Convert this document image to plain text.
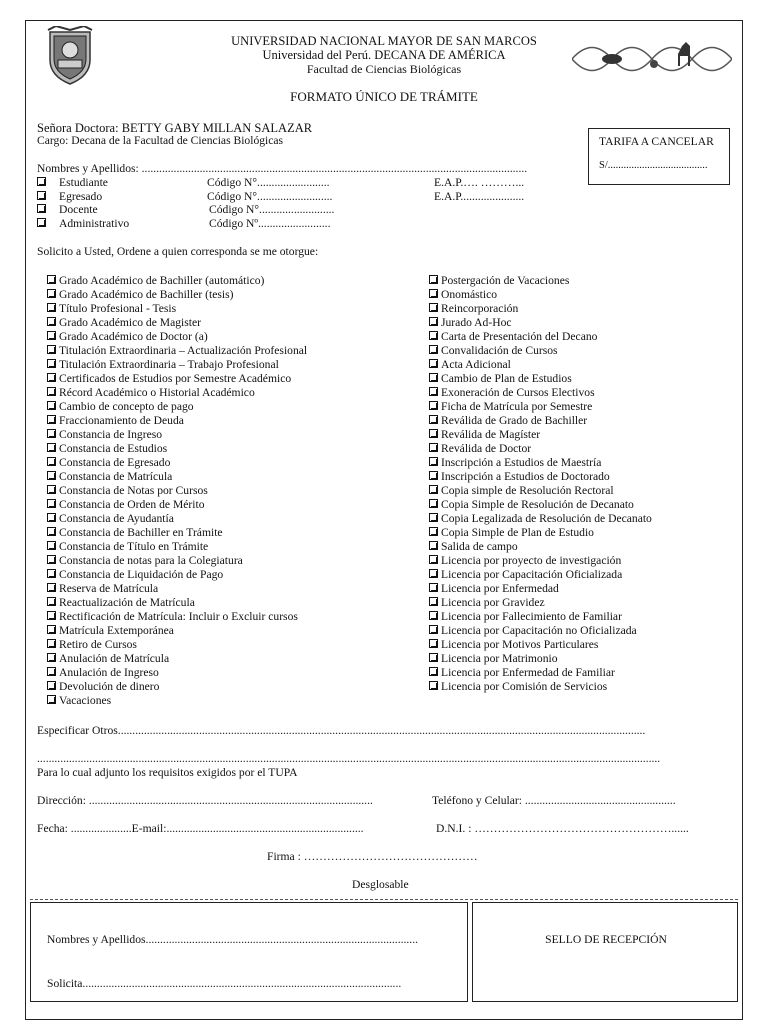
UNIVERSIDAD NACIONAL MAYOR DE SAN MARCOS
Universidad del Perú. DECANA DE AMÉRICA
Facultad de Ciencias Biológicas
FORMATO ÚNICO DE TRÁMITE
Señora Doctora: BETTY GABY MILLAN SALAZAR
Cargo: Decana de la Facultad de Ciencias Biológicas	TARIFA A CANCELAR
S/......................................
Nombres y Apellidos: .....................................................................................................................................
Estudiante	Código N°.........................	E.A.P.…. ………...
Egresado	Código N°..........................	E.A.P......................
Docente	Código N°..........................
Administrativo	Código Nº.........................
Solicito a Usted, Ordene a quien corresponda se me otorgue:
Grado Académico de Bachiller (automático)
Grado Académico de Bachiller (tesis)
Título Profesional - Tesis
Grado Académico de Magister
Grado Académico de Doctor (a)
Titulación Extraordinaria – Actualización Profesional
Titulación Extraordinaria – Trabajo Profesional
Certificados de Estudios por Semestre Académico
Récord Académico o Historial Académico
Cambio de concepto de pago
Fraccionamiento de Deuda
Constancia de Ingreso
Constancia de Estudios
Constancia de Egresado
Constancia de Matrícula
Constancia de Notas por Cursos
Constancia de Orden de Mérito
Constancia de Ayudantía
Constancia de Bachiller en Trámite
Constancia de Título en Trámite
Constancia de notas para la Colegiatura
Constancia de Liquidación de Pago
Reserva de Matrícula
Reactualización de Matrícula
Rectificación de Matrícula: Incluir o Excluir cursos
Matrícula Extemporánea
Retiro de Cursos
Anulación de Matrícula
Anulación de Ingreso
Devolución de dinero
Vacaciones
Postergación de Vacaciones
Onomástico
Reincorporación
Jurado Ad-Hoc
Carta de Presentación del Decano
Convalidación de Cursos
Acta Adicional
Cambio de Plan de Estudios
Exoneración de Cursos Electivos
Ficha de Matrícula por Semestre
Reválida de Grado de Bachiller
Reválida de Magíster
Reválida de Doctor
Inscripción a Estudios de Maestría
Inscripción a Estudios de Doctorado
Copia simple de Resolución Rectoral
Copia Simple de Resolución de Decanato
Copia Legalizada de Resolución de Decanato
Copia Simple de Plan de Estudio
Salida de campo
Licencia por proyecto de investigación
Licencia por Capacitación Oficializada
Licencia por Enfermedad
Licencia por Gravidez
Licencia por Fallecimiento de Familiar
Licencia por Capacitación no Oficializada
Licencia por Motivos Particulares
Licencia por Matrimonio
Licencia por Enfermedad de Familiar
Licencia por Comisión de Servicios
Especificar Otros......................................................................................................................................................................................
.......................................................................................................................................................................................................................
Para lo cual adjunto los requisitos exigidos por el TUPA
Dirección: ..................................................................................................	Teléfono y Celular: ....................................................
Fecha: .....................E-mail:....................................................................	D.N.I. : ……………………………………………......
Firma : ………………………………………
Desglosable
Nombres y Apellidos..............................................................................................
Solicita..............................................................................................................
SELLO DE RECEPCIÓN
